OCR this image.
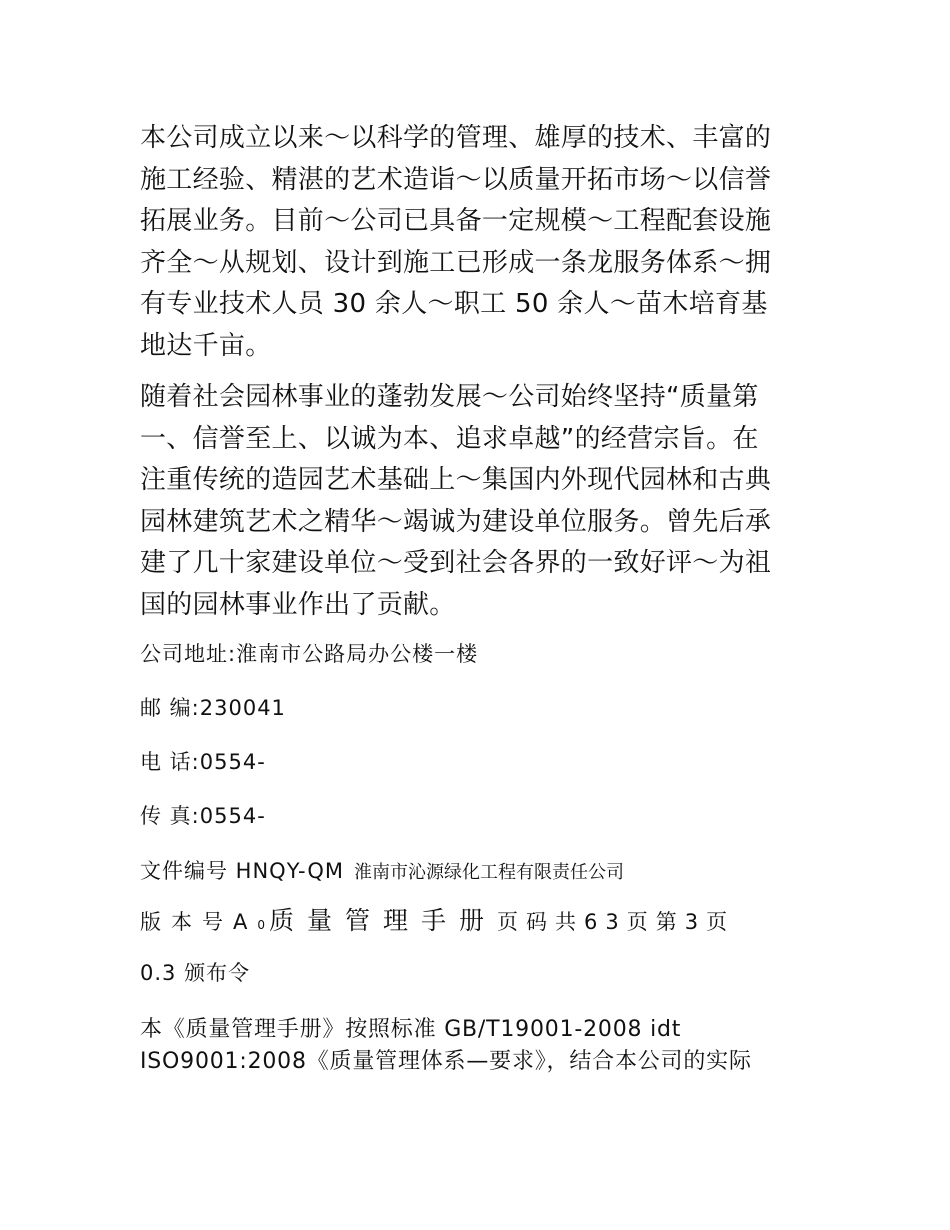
本公司成立以来～以科学的管理、雄厚的技术、丰富的
施工经验、精湛的艺术造诣～以质量开拓市场～以信誉
拓展业务。目前～公司已具备一定规模～工程配套设施
齐全～从规划、设计到施工已形成一条龙服务体系～拥
有专业技术人员 30 余人～职工 50 余人～苗木培育基
地达千亩。
随着社会园林事业的蓬勃发展～公司始终坚持“质量第
一、信誉至上、以诚为本、追求卓越”的经营宗旨。在
注重传统的造园艺术基础上～集国内外现代园林和古典
园林建筑艺术之精华～竭诚为建设单位服务。曾先后承
建了几十家建设单位～受到社会各界的一致好评～为祖
国的园林事业作出了贡献。

公司地址:淮南市公路局办公楼一楼

邮 编:230041

电 话:0554-

传 真:0554-

文件编号 HNQY-QM 淮南市沁源绿化工程有限责任公司
版本号A0 质量管理手册页码共63页第3页
0.3 颁布令
本《质量管理手册》按照标准 GB/T19001-2008 idt
ISO9001:2008《质量管理体系—要求》，结合本公司的实际
